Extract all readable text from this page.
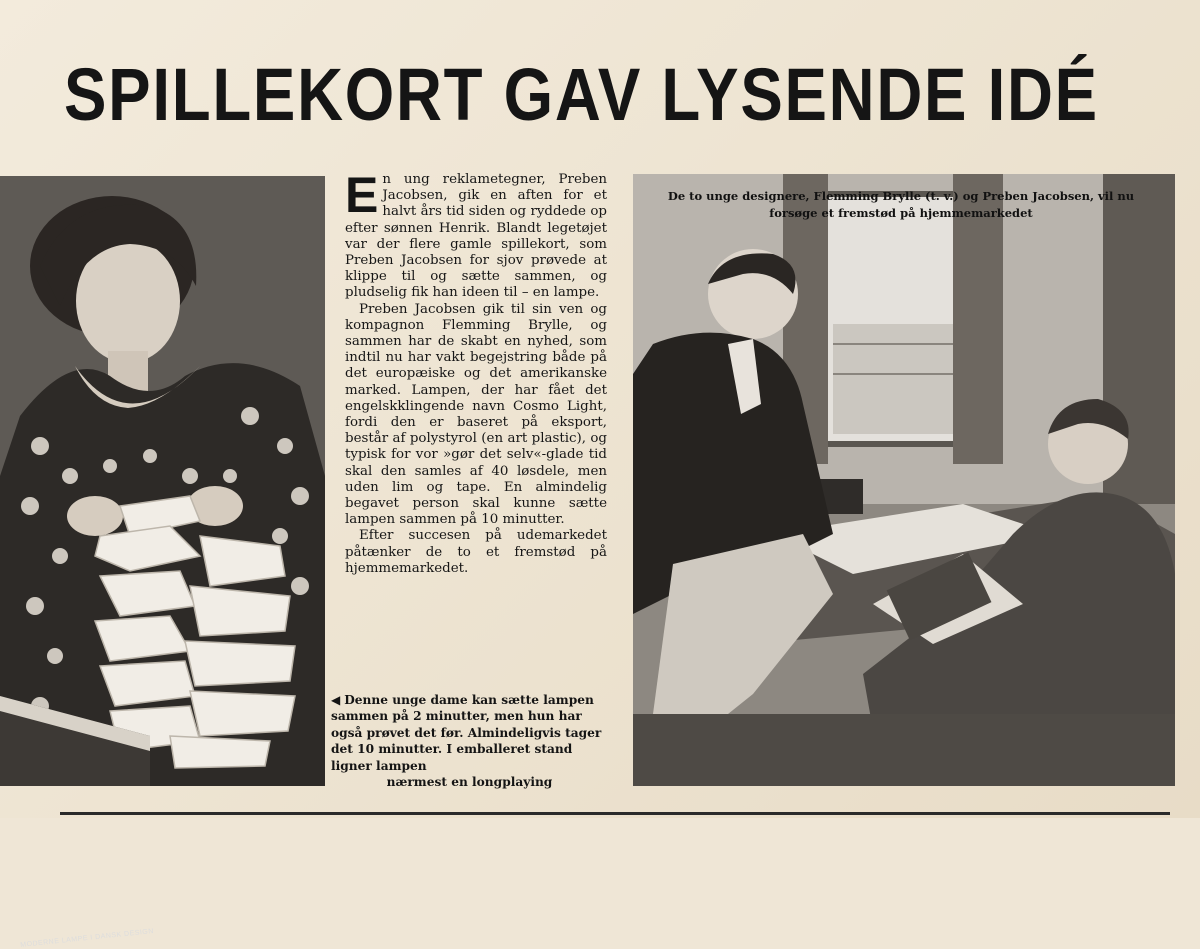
SPILLEKORT GAV LYSENDE IDÉ
MODERNE LAMPE I DANSK DESIGN

En ung reklametegner, Preben Jacobsen, gik en aften for et halvt års tid siden og ryddede op efter sønnen Henrik. Blandt legetøjet var der flere gamle spillekort, som Preben Jacobsen for sjov prøvede at klippe til og sætte sammen, og pludselig fik han ideen til – en lampe.

Preben Jacobsen gik til sin ven og kompagnon Flemming Brylle, og sammen har de skabt en nyhed, som indtil nu har vakt begejstring både på det europæiske og det amerikanske marked. Lampen, der har fået det engelskklingende navn Cosmo Light, fordi den er baseret på eksport, består af polystyrol (en art plastic), og typisk for vor »gør det selv«-glade tid skal den samles af 40 løsdele, men uden lim og tape. En almindelig begavet person skal kunne sætte lampen sammen på 10 minutter.

Efter succesen på udemarkedet påtænker de to et fremstød på hjemmemarkedet.

◀ Denne unge dame kan sætte lampen sammen på 2 minutter, men hun har også prøvet det før. Almindeligvis tager det 10 minutter. I emballeret stand ligner lampen
nærmest en longplaying
De to unge designere, Flemming Brylle (t. v.) og Preben Jacobsen, vil nu forsøge et fremstød på hjemmemarkedet
